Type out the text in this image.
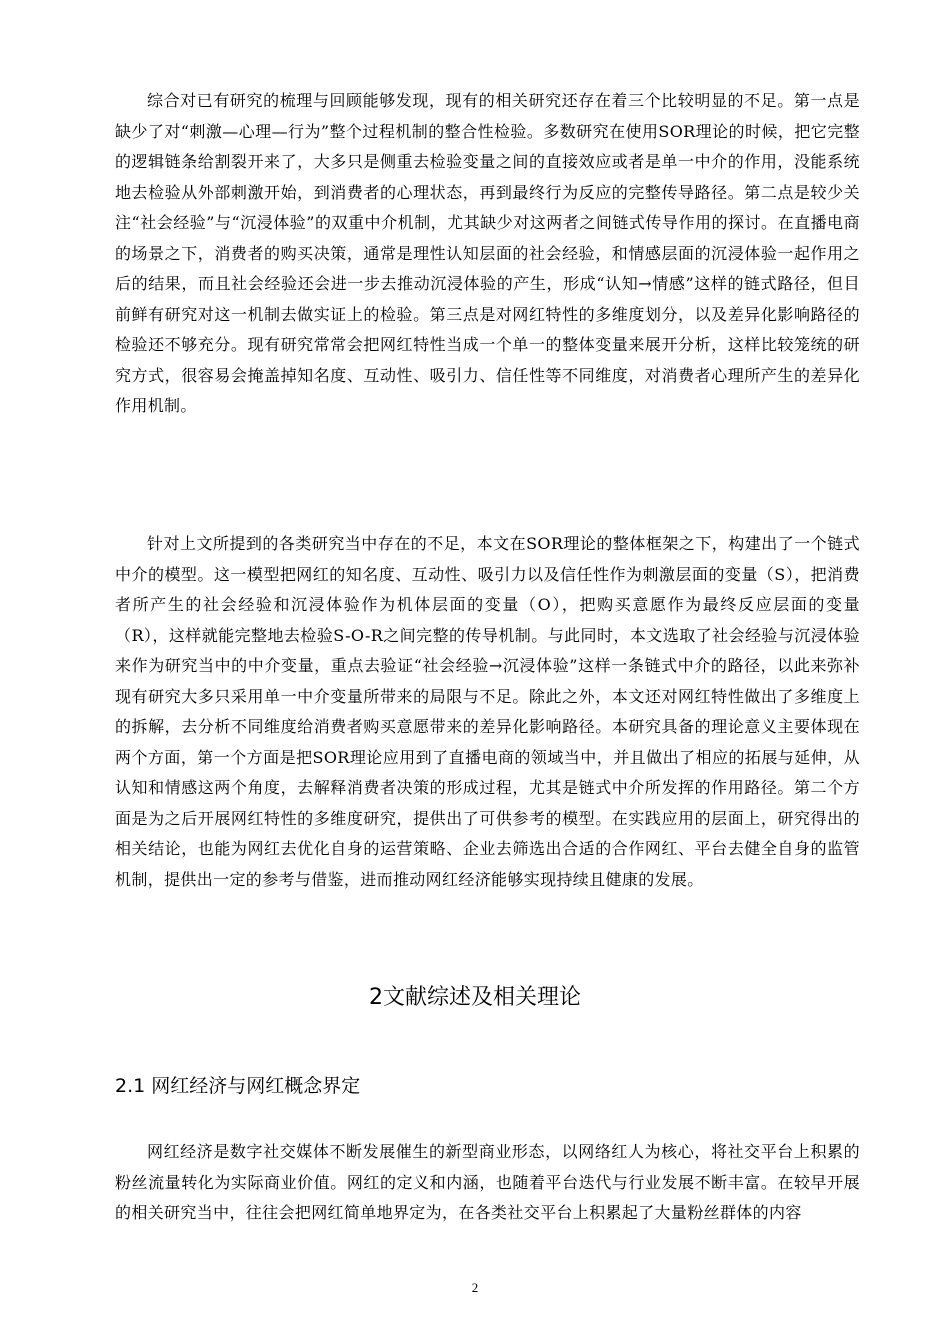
综合对已有研究的梳理与回顾能够发现，现有的相关研究还存在着三个比较明显的不足。第一点是缺少了对“刺激—心理—行为”整个过程机制的整合性检验。多数研究在使用SOR理论的时候，把它完整的逻辑链条给割裂开来了，大多只是侧重去检验变量之间的直接效应或者是单一中介的作用，没能系统地去检验从外部刺激开始，到消费者的心理状态，再到最终行为反应的完整传导路径。第二点是较少关注“社会经验”与“沉浸体验”的双重中介机制，尤其缺少对这两者之间链式传导作用的探讨。在直播电商的场景之下，消费者的购买决策，通常是理性认知层面的社会经验，和情感层面的沉浸体验一起作用之后的结果，而且社会经验还会进一步去推动沉浸体验的产生，形成“认知→情感”这样的链式路径，但目前鲜有研究对这一机制去做实证上的检验。第三点是对网红特性的多维度划分，以及差异化影响路径的检验还不够充分。现有研究常常会把网红特性当成一个单一的整体变量来展开分析，这样比较笼统的研究方式，很容易会掩盖掉知名度、互动性、吸引力、信任性等不同维度，对消费者心理所产生的差异化作用机制。

针对上文所提到的各类研究当中存在的不足，本文在SOR理论的整体框架之下，构建出了一个链式中介的模型。这一模型把网红的知名度、互动性、吸引力以及信任性作为刺激层面的变量（S），把消费者所产生的社会经验和沉浸体验作为机体层面的变量（O），把购买意愿作为最终反应层面的变量（R），这样就能完整地去检验S-O-R之间完整的传导机制。与此同时，本文选取了社会经验与沉浸体验来作为研究当中的中介变量，重点去验证“社会经验→沉浸体验”这样一条链式中介的路径，以此来弥补现有研究大多只采用单一中介变量所带来的局限与不足。除此之外，本文还对网红特性做出了多维度上的拆解，去分析不同维度给消费者购买意愿带来的差异化影响路径。本研究具备的理论意义主要体现在两个方面，第一个方面是把SOR理论应用到了直播电商的领域当中，并且做出了相应的拓展与延伸，从认知和情感这两个角度，去解释消费者决策的形成过程，尤其是链式中介所发挥的作用路径。第二个方面是为之后开展网红特性的多维度研究，提供出了可供参考的模型。在实践应用的层面上，研究得出的相关结论，也能为网红去优化自身的运营策略、企业去筛选出合适的合作网红、平台去健全自身的监管机制，提供出一定的参考与借鉴，进而推动网红经济能够实现持续且健康的发展。

2文献综述及相关理论
2.1 网红经济与网红概念界定

网红经济是数字社交媒体不断发展催生的新型商业形态，以网络红人为核心，将社交平台上积累的粉丝流量转化为实际商业价值。网红的定义和内涵，也随着平台迭代与行业发展不断丰富。在较早开展的相关研究当中，往往会把网红简单地界定为，在各类社交平台上积累起了大量粉丝群体的内容

2
